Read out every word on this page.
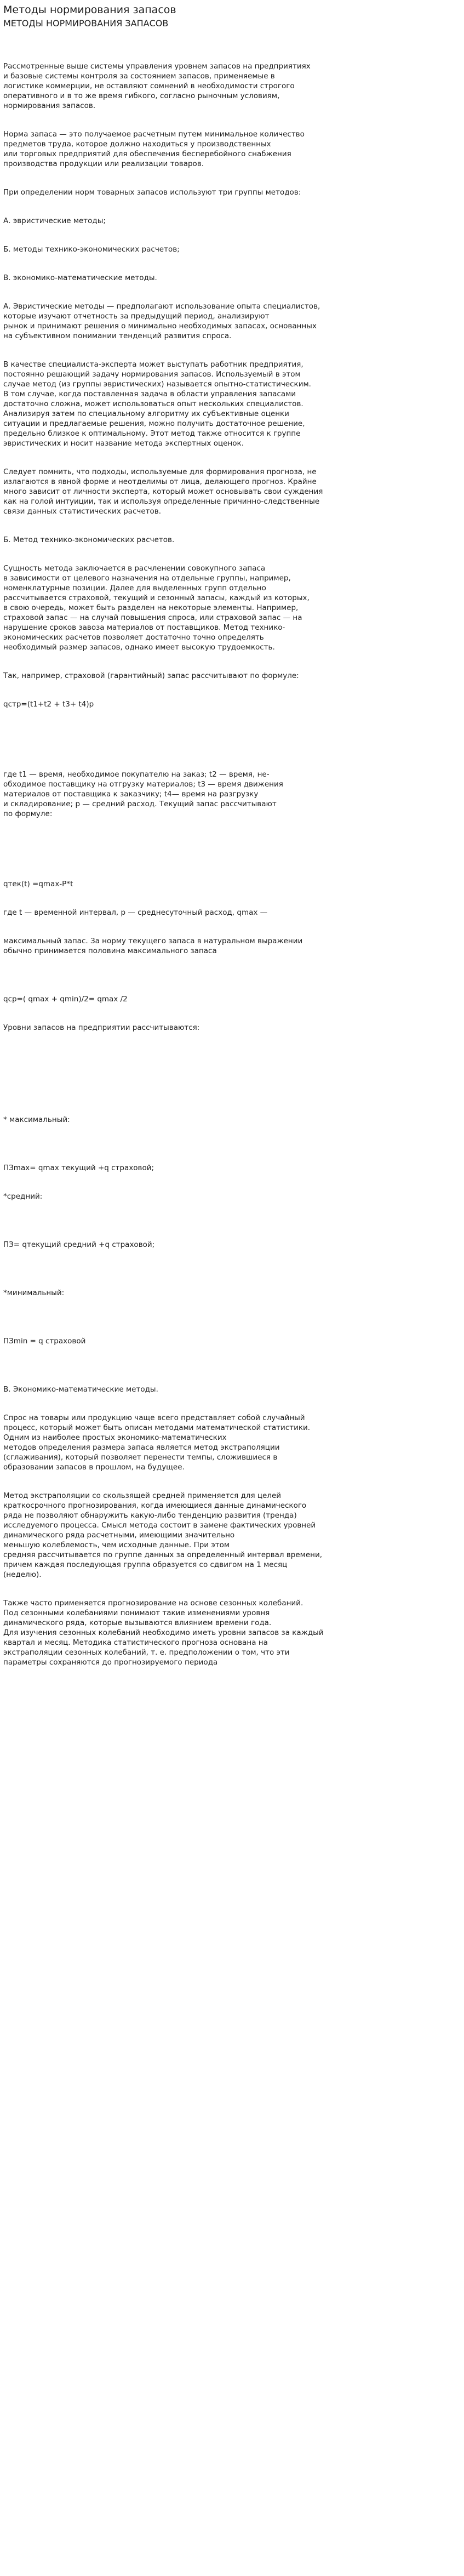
Методы нормирования запасов
МЕТОДЫ НОРМИРОВАНИЯ ЗАПАСОВ

Рассмотренные выше системы управления уровнем запасов на предприятиях
и базовые системы контроля за состоянием запасов, применяемые в
логистике коммерции, не оставляют сомнений в необходимости строгого
оперативного и в то же время гибкого, согласно рыночным условиям,
нормирования запасов.

Норма запаса — это получаемое расчетным путем минимальное количество
предметов труда, которое должно находиться у производственных
или торговых предприятий для обеспечения бесперебойного снабжения
производства продукции или реализации товаров.

При определении норм товарных запасов используют три группы методов:

А. эвристические методы;

Б. методы технико-экономических расчетов;

В. экономико-математические методы.

А. Эвристические методы — предполагают использование опыта специалистов,
которые изучают отчетность за предыдущий период, анализируют
рынок и принимают решения о минимально необходимых запасах, основанных
на субъективном понимании тенденций развития спроса.

В качестве специалиста-эксперта может выступать работник предприятия,
постоянно решающий задачу нормирования запасов. Используемый в этом
случае метод (из группы эвристических) называется опытно-статистическим.
В том случае, когда поставленная задача в области управления запасами
достаточно сложна, может использоваться опыт нескольких специалистов.
Анализируя затем по специальному алгоритму их субъективные оценки
ситуации и предлагаемые решения, можно получить достаточное решение,
предельно близкое к оптимальному. Этот метод также относится к группе
эвристических и носит название метода экспертных оценок.

Следует помнить, что подходы, используемые для формирования прогноза, не
излагаются в явной форме и неотделимы от лица, делающего прогноз. Крайне
много зависит от личности эксперта, который может основывать свои суждения
как на голой интуиции, так и используя определенные причинно-следственные
связи данных статистических расчетов.

Б. Метод технико-экономических расчетов.

Сущность метода заключается в расчленении совокупного запаса
в зависимости от целевого назначения на отдельные группы, например,
номенклатурные позиции. Далее для выделенных групп отдельно
рассчитывается страховой, текущий и сезонный запасы, каждый из которых,
в свою очередь, может быть разделен на некоторые элементы. Например,
страховой запас — на случай повышения спроса, или страховой запас — на
нарушение сроков завоза материалов от поставщиков. Метод технико-
экономических расчетов позволяет достаточно точно определять
необходимый размер запасов, однако имеет высокую трудоемкость.

Так, например, страховой (гарантийный) запас рассчитывают по формуле:

qстр=(t1+t2 + t3+ t4)p

где t1 — время, необходимое покупателю на заказ; t2 — время, не-
обходимое поставщику на отгрузку материалов; t3 — время движения
материалов от поставщика к заказчику; t4— время на разгрузку
и складирование; р — средний расход. Текущий запас рассчитывают
по формуле:

qтек(t) =qmax-P*t

где t — временной интервал, р — среднесуточный расход, qmax —

максимальный запас. За норму текущего запаса в натуральном выражении
обычно принимается половина максимального запаса

qср=( qmax + qmin)/2= qmax /2

Уровни запасов на предприятии рассчитываются:

* максимальный:

ПЗmax= qmax текущий +q страховой;

*средний:

ПЗ= qтекущий средний +q страховой;

*минимальный:

ПЗmin = q страховой

В. Экономико-математические методы.

Спрос на товары или продукцию чаще всего представляет собой случайный
процесс, который может быть описан методами математической статистики.
Одним из наиболее простых экономико-математических
методов определения размера запаса является метод экстраполяции
(сглаживания), который позволяет перенести темпы, сложившиеся в
образовании запасов в прошлом, на будущее.

Метод экстраполяции со скользящей средней применяется для целей
краткосрочного прогнозирования, когда имеющиеся данные динамического
ряда не позволяют обнаружить какую-либо тенденцию развития (тренда)
исследуемого процесса. Смысл метода состоит в замене фактических уровней
динамического ряда расчетными, имеющими значительно
меньшую колеблемость, чем исходные данные. При этом
средняя рассчитывается по группе данных за определенный интервал времени,
причем каждая последующая группа образуется со сдвигом на 1 месяц
(неделю).

Также часто применяется прогнозирование на основе сезонных колебаний.
Под сезонными колебаниями понимают такие изменениями уровня
динамического ряда, которые вызываются влиянием времени года.
Для изучения сезонных колебаний необходимо иметь уровни запасов за каждый
квартал и месяц. Методика статистического прогноза основана на
экстраполяции сезонных колебаний, т. е. предположении о том, что эти
параметры сохраняются до прогнозируемого периода
